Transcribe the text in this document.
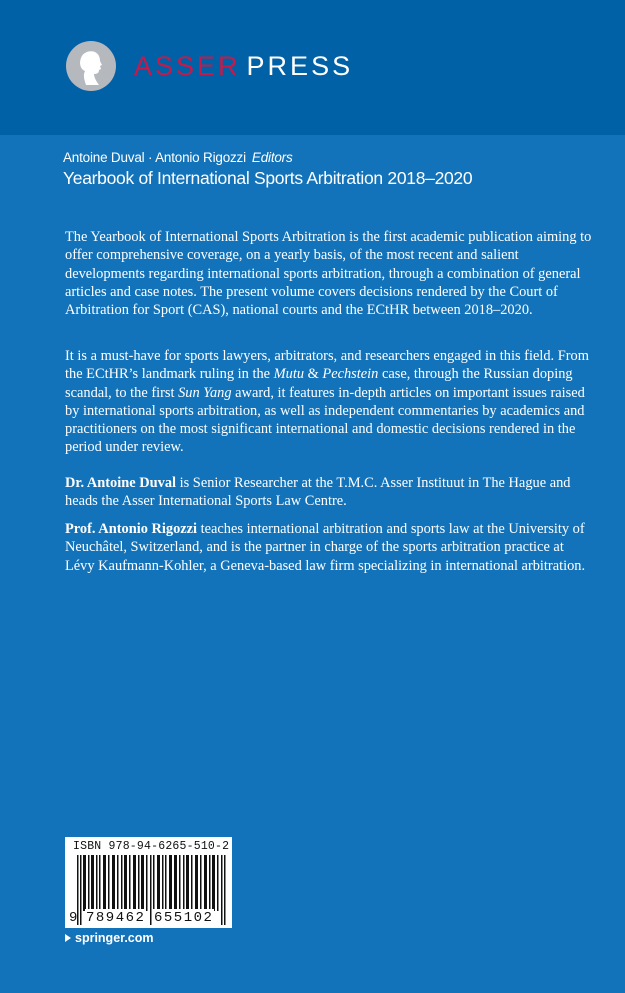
ASSER PRESS
Antoine Duval · Antonio Rigozzi Editors
Yearbook of International Sports Arbitration 2018–2020

The Yearbook of International Sports Arbitration is the first academic publication aiming to offer comprehensive coverage, on a yearly basis, of the most recent and salient developments regarding international sports arbitration, through a combination of general articles and case notes. The present volume covers decisions rendered by the Court of Arbitration for Sport (CAS), national courts and the ECtHR between 2018–2020.

It is a must-have for sports lawyers, arbitrators, and researchers engaged in this field. From the ECtHR’s landmark ruling in the Mutu & Pechstein case, through the Russian doping scandal, to the first Sun Yang award, it features in-depth articles on important issues raised by international sports arbitration, as well as independent commentaries by academics and practitioners on the most significant international and domestic decisions rendered in the period under review.

Dr. Antoine Duval is Senior Researcher at the T.M.C. Asser Instituut in The Hague and heads the Asser International Sports Law Centre.

Prof. Antonio Rigozzi teaches international arbitration and sports law at the University of Neuchâtel, Switzerland, and is the partner in charge of the sports arbitration practice at Lévy Kaufmann-Kohler, a Geneva-based law firm specializing in international arbitration.

ISBN 978-94-6265-510-2
9 789462 655102
springer.com
